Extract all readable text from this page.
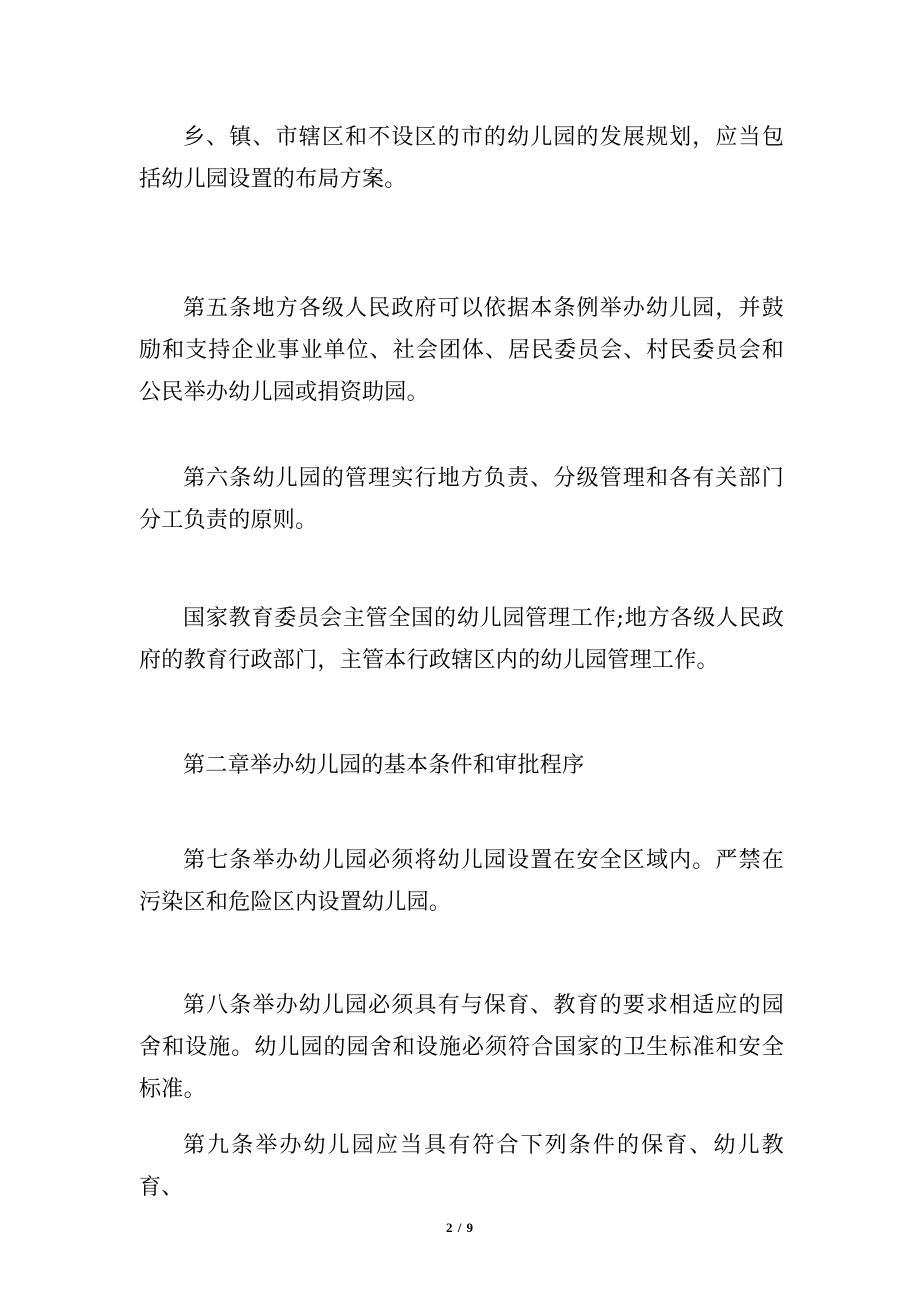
乡、镇、市辖区和不设区的市的幼儿园的发展规划，应当包括幼儿园设置的布局方案。

第五条地方各级人民政府可以依据本条例举办幼儿园，并鼓励和支持企业事业单位、社会团体、居民委员会、村民委员会和公民举办幼儿园或捐资助园。

第六条幼儿园的管理实行地方负责、分级管理和各有关部门分工负责的原则。

国家教育委员会主管全国的幼儿园管理工作;地方各级人民政府的教育行政部门，主管本行政辖区内的幼儿园管理工作。

第二章举办幼儿园的基本条件和审批程序

第七条举办幼儿园必须将幼儿园设置在安全区域内。严禁在污染区和危险区内设置幼儿园。

第八条举办幼儿园必须具有与保育、教育的要求相适应的园舍和设施。幼儿园的园舍和设施必须符合国家的卫生标准和安全标准。

第九条举办幼儿园应当具有符合下列条件的保育、幼儿教育、

2 / 9
